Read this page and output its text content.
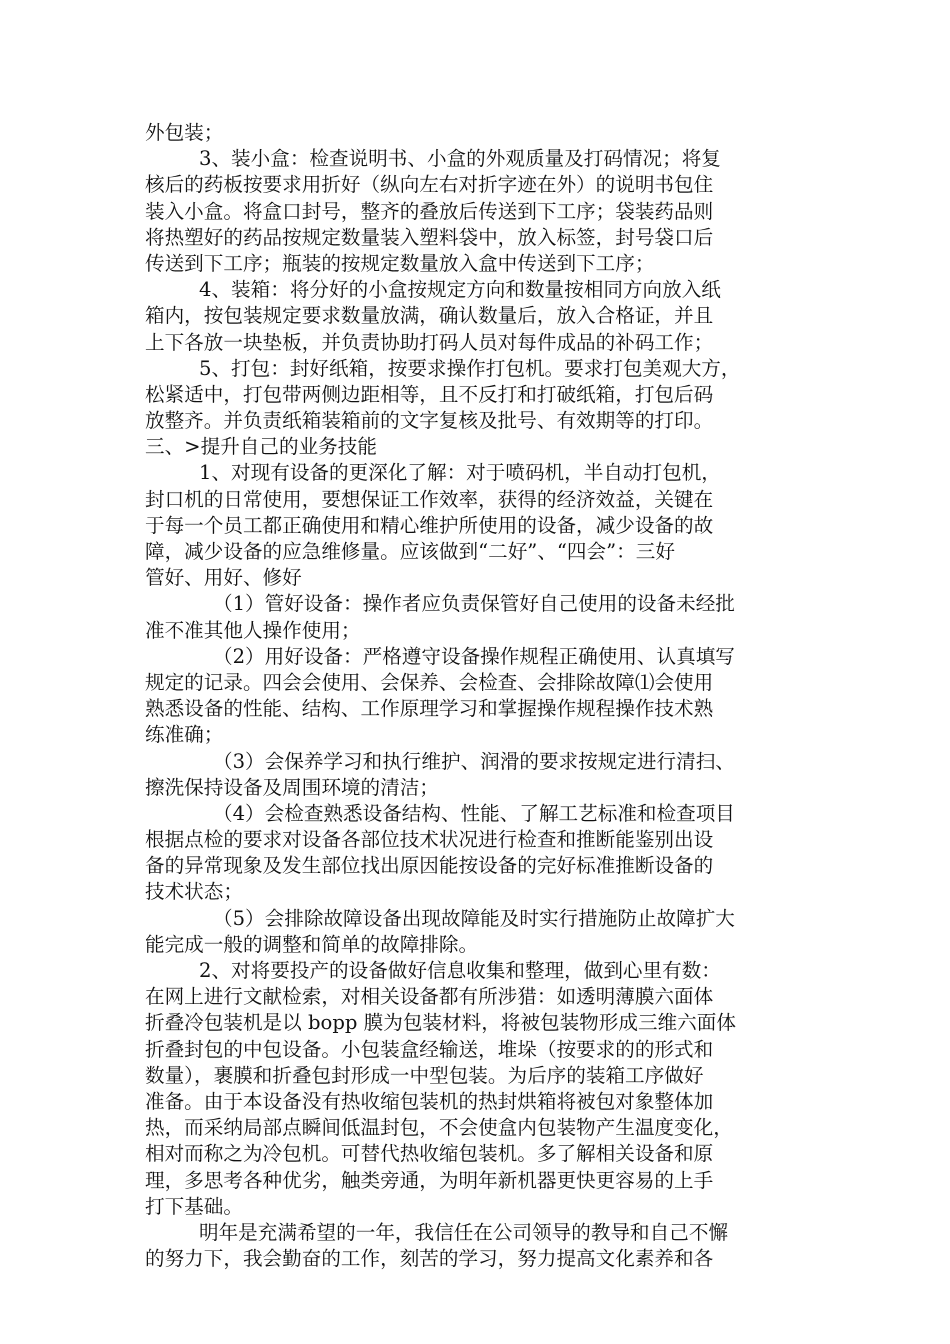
外包装；
3、装小盒：检查说明书、小盒的外观质量及打码情况；将复
核后的药板按要求用折好（纵向左右对折字迹在外）的说明书包住
装入小盒。将盒口封号，整齐的叠放后传送到下工序；袋装药品则
将热塑好的药品按规定数量装入塑料袋中，放入标签，封号袋口后
传送到下工序；瓶装的按规定数量放入盒中传送到下工序；
4、装箱：将分好的小盒按规定方向和数量按相同方向放入纸
箱内，按包装规定要求数量放满，确认数量后，放入合格证，并且
上下各放一块垫板，并负责协助打码人员对每件成品的补码工作；
5、打包：封好纸箱，按要求操作打包机。要求打包美观大方，
松紧适中，打包带两侧边距相等，且不反打和打破纸箱，打包后码
放整齐。并负责纸箱装箱前的文字复核及批号、有效期等的打印。
三、>提升自己的业务技能
1、对现有设备的更深化了解：对于喷码机，半自动打包机，
封口机的日常使用，要想保证工作效率，获得的经济效益，关键在
于每一个员工都正确使用和精心维护所使用的设备，减少设备的故
障，减少设备的应急维修量。应该做到“二好”、“四会”：三好
管好、用好、修好
（1）管好设备：操作者应负责保管好自己使用的设备未经批
准不准其他人操作使用；
（2）用好设备：严格遵守设备操作规程正确使用、认真填写
规定的记录。四会会使用、会保养、会检查、会排除故障⑴会使用
熟悉设备的性能、结构、工作原理学习和掌握操作规程操作技术熟
练准确；
（3）会保养学习和执行维护、润滑的要求按规定进行清扫、
擦洗保持设备及周围环境的清洁；
（4）会检查熟悉设备结构、性能、了解工艺标准和检查项目
根据点检的要求对设备各部位技术状况进行检查和推断能鉴别出设
备的异常现象及发生部位找出原因能按设备的完好标准推断设备的
技术状态；
（5）会排除故障设备出现故障能及时实行措施防止故障扩大
能完成一般的调整和简单的故障排除。
2、对将要投产的设备做好信息收集和整理，做到心里有数：
在网上进行文献检索，对相关设备都有所涉猎：如透明薄膜六面体
折叠冷包装机是以 bopp 膜为包装材料，将被包装物形成三维六面体
折叠封包的中包设备。小包装盒经输送，堆垛（按要求的的形式和
数量），裹膜和折叠包封形成一中型包装。为后序的装箱工序做好
准备。由于本设备没有热收缩包装机的热封烘箱将被包对象整体加
热，而采纳局部点瞬间低温封包，不会使盒内包装物产生温度变化，
相对而称之为冷包机。可替代热收缩包装机。多了解相关设备和原
理，多思考各种优劣，触类旁通，为明年新机器更快更容易的上手
打下基础。
明年是充满希望的一年，我信任在公司领导的教导和自己不懈
的努力下，我会勤奋的工作，刻苦的学习，努力提高文化素养和各
